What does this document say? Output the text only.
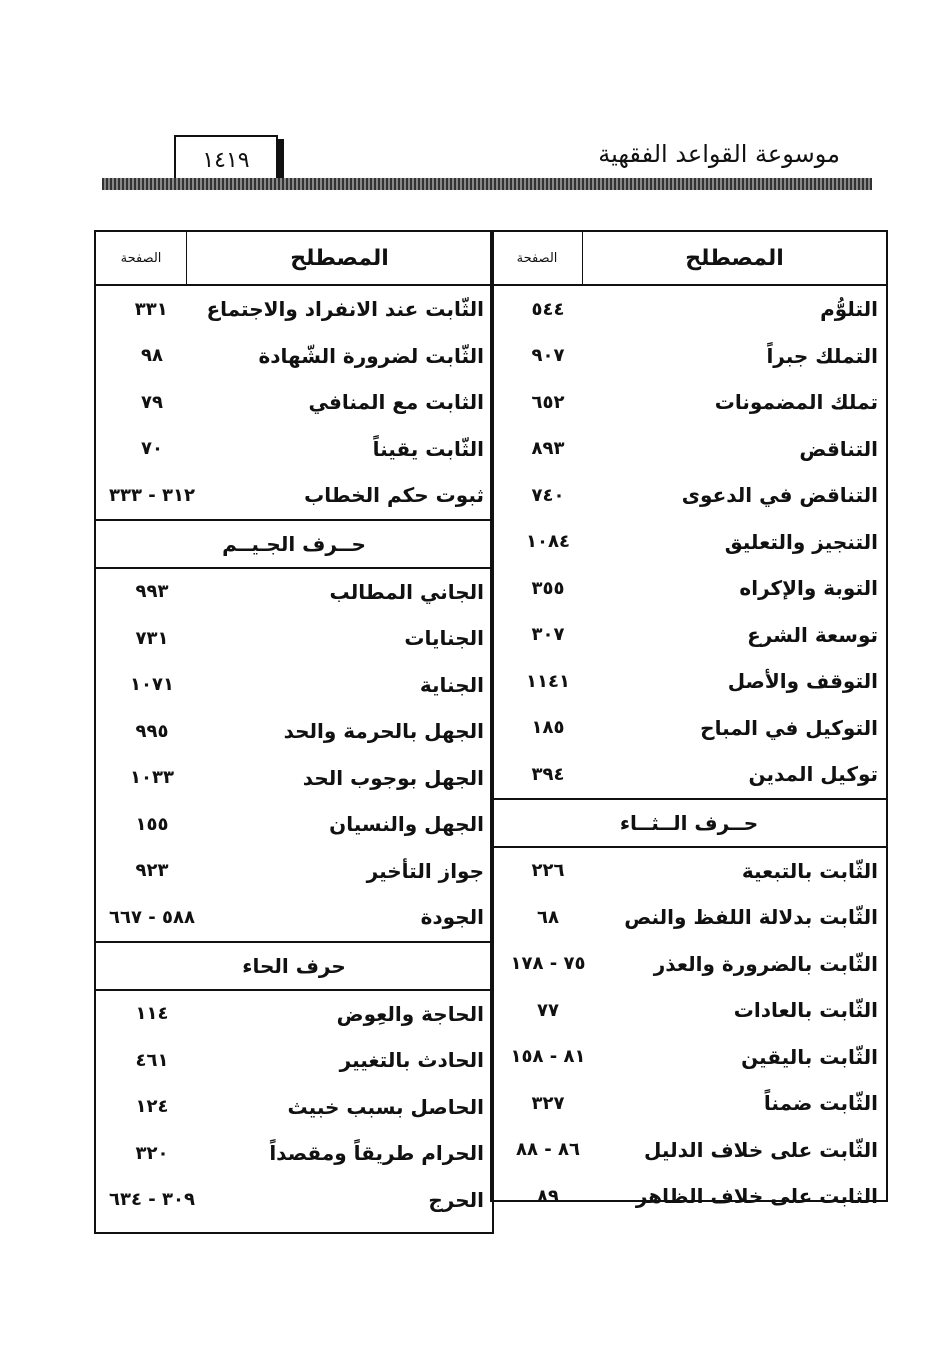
موسوعة القواعد الفقهية
١٤١٩
المصطلح
الصفحة
التلوُّم
٥٤٤
التملك جبراً
٩٠٧
تملك المضمونات
٦٥٢
التناقض
٨٩٣
التناقض في الدعوى
٧٤٠
التنجيز والتعليق
١٠٨٤
التوبة والإكراه
٣٥٥
توسعة الشرع
٣٠٧
التوقف والأصل
١١٤١
التوكيل في المباح
١٨٥
توكيل المدين
٣٩٤
حــرف الــثــاء
الثّابت بالتبعية
٢٢٦
الثّابت بدلالة اللفظ والنص
٦٨
الثّابت بالضرورة والعذر
٧٥ - ١٧٨
الثّابت بالعادات
٧٧
الثّابت باليقين
٨١ - ١٥٨
الثّابت ضمناً
٣٢٧
الثّابت على خلاف الدليل
٨٦ - ٨٨
الثابت على خلاف الظاهر
٨٩
المصطلح
الصفحة
الثّابت عند الانفراد والاجتماع
٣٣١
الثّابت لضرورة الشّهادة
٩٨
الثابت مع المنافي
٧٩
الثّابت يقيناً
٧٠
ثبوت حكم الخطاب
٣١٢ - ٣٣٣
حــرف الجـيــم
الجاني المطالب
٩٩٣
الجنايات
٧٣١
الجناية
١٠٧١
الجهل بالحرمة والحد
٩٩٥
الجهل بوجوب الحد
١٠٣٣
الجهل والنسيان
١٥٥
جواز التأخير
٩٢٣
الجودة
٥٨٨ - ٦٦٧
حرف الحاء
الحاجة والعِوض
١١٤
الحادث بالتغيير
٤٦١
الحاصل بسبب خبيث
١٢٤
الحرام طريقاً ومقصداً
٣٢٠
الحرج
٣٠٩ - ٦٣٤
